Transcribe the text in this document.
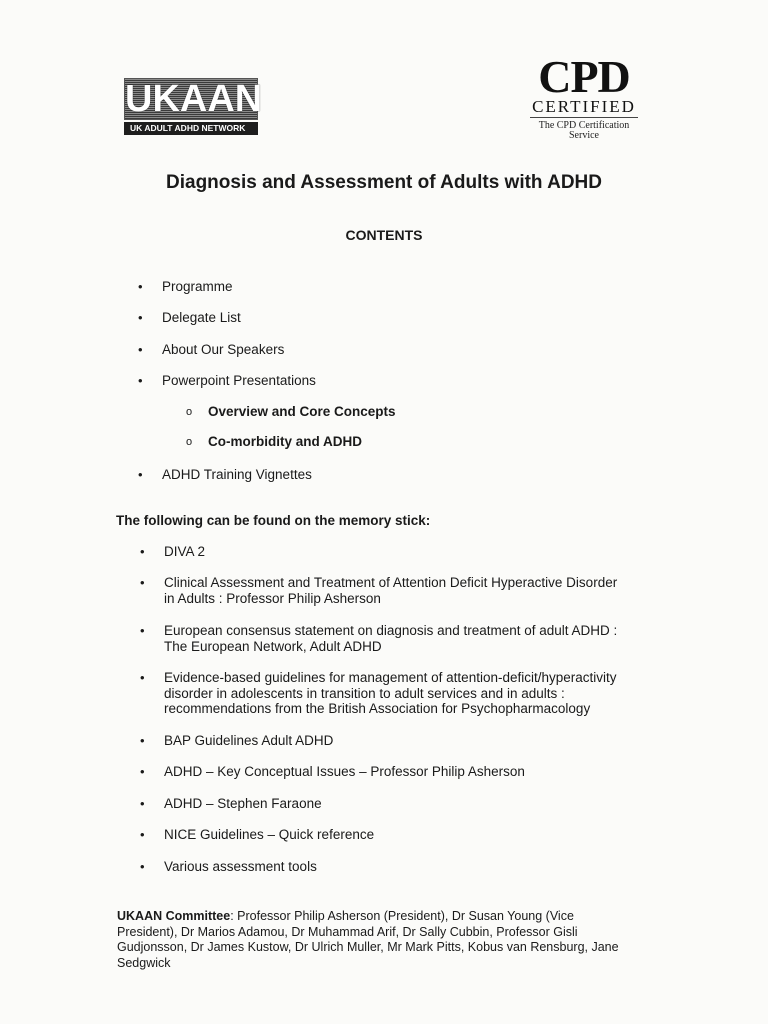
UKAAN
UK ADULT ADHD NETWORK
CPD
CERTIFIED
The CPD Certification
Service
Diagnosis and Assessment of Adults with ADHD
CONTENTS
• Programme
• Delegate List
• About Our Speakers
• Powerpoint Presentations
o Overview and Core Concepts
o Co-morbidity and ADHD
• ADHD Training Vignettes

The following can be found on the memory stick:

• DIVA 2
• Clinical Assessment and Treatment of Attention Deficit Hyperactive Disorder
in Adults : Professor Philip Asherson
• European consensus statement on diagnosis and treatment of adult ADHD :
The European Network, Adult ADHD
• Evidence-based guidelines for management of attention-deficit/hyperactivity
disorder in adolescents in transition to adult services and in adults :
recommendations from the British Association for Psychopharmacology
• BAP Guidelines Adult ADHD
• ADHD – Key Conceptual Issues – Professor Philip Asherson
• ADHD – Stephen Faraone
• NICE Guidelines – Quick reference
• Various assessment tools
UKAAN Committee: Professor Philip Asherson (President), Dr Susan Young (Vice
President), Dr Marios Adamou, Dr Muhammad Arif, Dr Sally Cubbin, Professor Gisli
Gudjonsson, Dr James Kustow, Dr Ulrich Muller, Mr Mark Pitts, Kobus van Rensburg, Jane
Sedgwick
